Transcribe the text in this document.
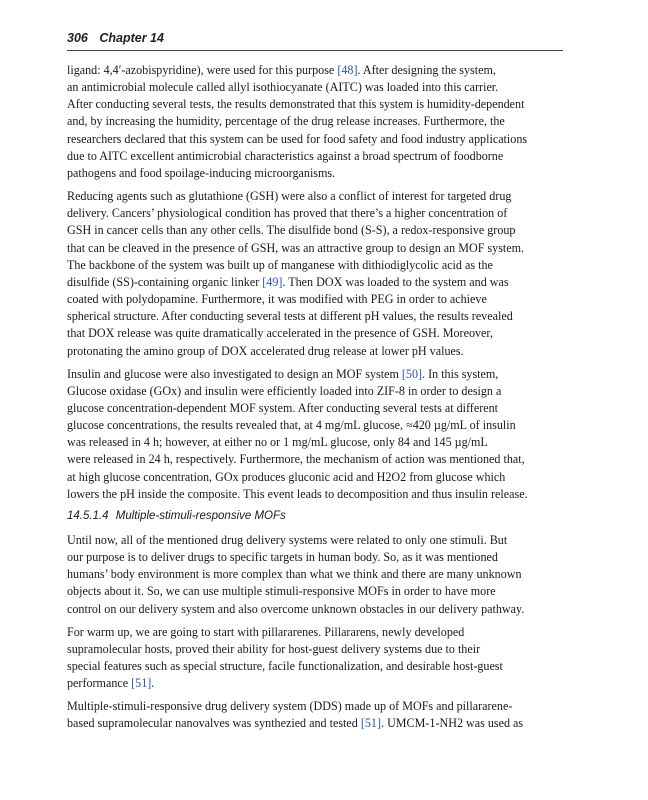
306 Chapter 14

ligand: 4,4′-azobispyridine), were used for this purpose [48]. After designing the system,
an antimicrobial molecule called allyl isothiocyanate (AITC) was loaded into this carrier.
After conducting several tests, the results demonstrated that this system is humidity-dependent
and, by increasing the humidity, percentage of the drug release increases. Furthermore, the
researchers declared that this system can be used for food safety and food industry applications
due to AITC excellent antimicrobial characteristics against a broad spectrum of foodborne
pathogens and food spoilage-inducing microorganisms.

Reducing agents such as glutathione (GSH) were also a conflict of interest for targeted drug
delivery. Cancers’ physiological condition has proved that there’s a higher concentration of
GSH in cancer cells than any other cells. The disulfide bond (S-S), a redox-responsive group
that can be cleaved in the presence of GSH, was an attractive group to design an MOF system.
The backbone of the system was built up of manganese with dithiodiglycolic acid as the
disulfide (SS)-containing organic linker [49]. Then DOX was loaded to the system and was
coated with polydopamine. Furthermore, it was modified with PEG in order to achieve
spherical structure. After conducting several tests at different pH values, the results revealed
that DOX release was quite dramatically accelerated in the presence of GSH. Moreover,
protonating the amino group of DOX accelerated drug release at lower pH values.

Insulin and glucose were also investigated to design an MOF system [50]. In this system,
Glucose oxidase (GOx) and insulin were efficiently loaded into ZIF-8 in order to design a
glucose concentration-dependent MOF system. After conducting several tests at different
glucose concentrations, the results revealed that, at 4 mg/mL glucose, ≈420 µg/mL of insulin
was released in 4 h; however, at either no or 1 mg/mL glucose, only 84 and 145 µg/mL
were released in 24 h, respectively. Furthermore, the mechanism of action was mentioned that,
at high glucose concentration, GOx produces gluconic acid and H2O2 from glucose which
lowers the pH inside the composite. This event leads to decomposition and thus insulin release.

14.5.1.4 Multiple-stimuli-responsive MOFs

Until now, all of the mentioned drug delivery systems were related to only one stimuli. But
our purpose is to deliver drugs to specific targets in human body. So, as it was mentioned
humans’ body environment is more complex than what we think and there are many unknown
objects about it. So, we can use multiple stimuli-responsive MOFs in order to have more
control on our delivery system and also overcome unknown obstacles in our delivery pathway.

For warm up, we are going to start with pillararenes. Pillararens, newly developed
supramolecular hosts, proved their ability for host-guest delivery systems due to their
special features such as special structure, facile functionalization, and desirable host-guest
performance [51].

Multiple-stimuli-responsive drug delivery system (DDS) made up of MOFs and pillararene-
based supramolecular nanovalves was synthezied and tested [51]. UMCM-1-NH2 was used as
